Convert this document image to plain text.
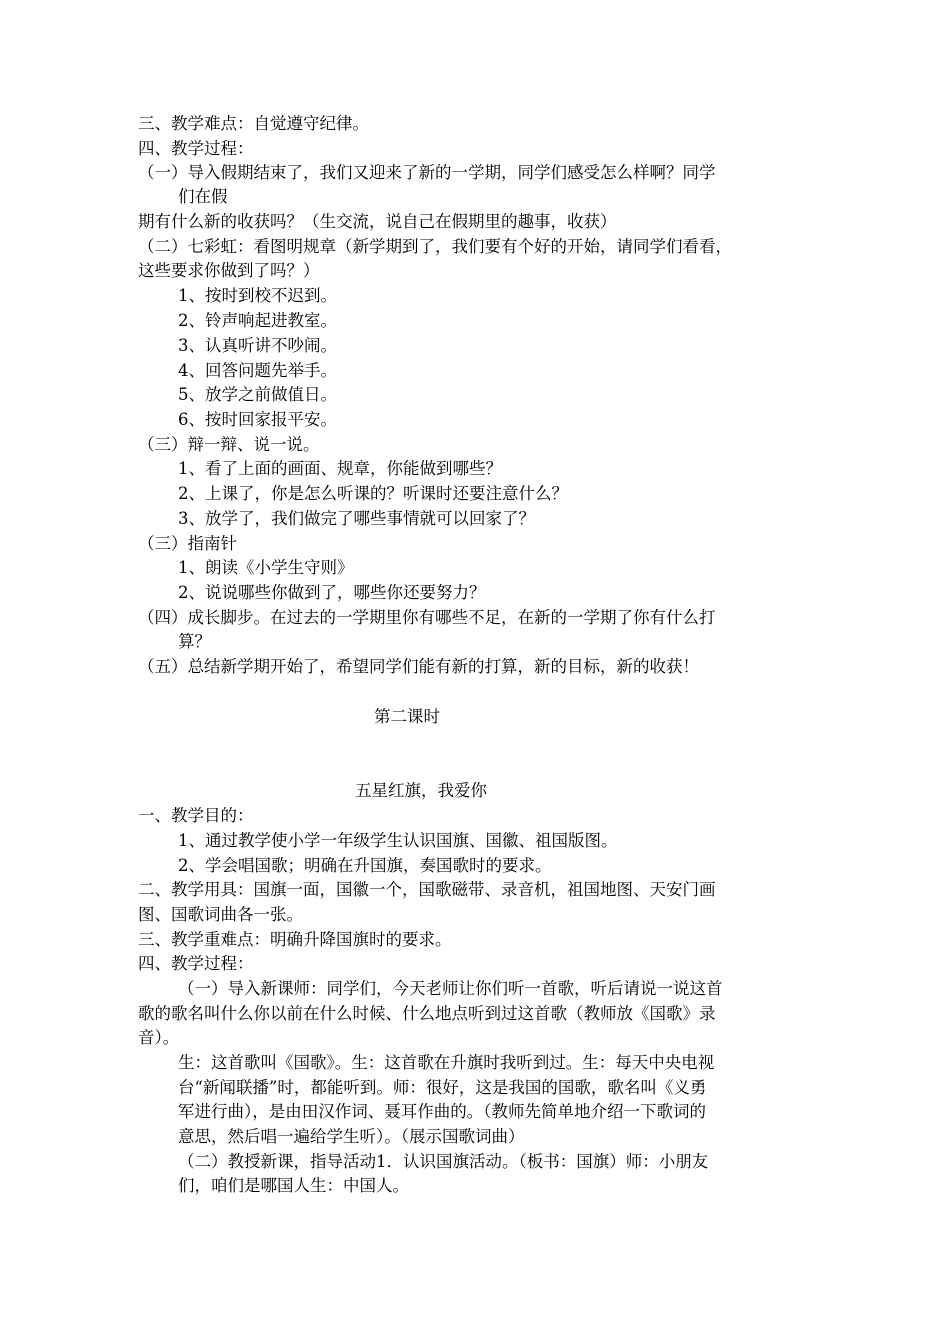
三、教学难点：自觉遵守纪律。
四、教学过程：
（一）导入假期结束了，我们又迎来了新的一学期，同学们感受怎么样啊？同学
们在假
期有什么新的收获吗？（生交流，说自己在假期里的趣事，收获）
（二）七彩虹：看图明规章（新学期到了，我们要有个好的开始，请同学们看看，
这些要求你做到了吗？）
1、按时到校不迟到。
2、铃声响起进教室。
3、认真听讲不吵闹。
4、回答问题先举手。
5、放学之前做值日。
6、按时回家报平安。
（三）辩一辩、说一说。
1、看了上面的画面、规章，你能做到哪些？
2、上课了，你是怎么听课的？听课时还要注意什么？
3、放学了，我们做完了哪些事情就可以回家了？
（三）指南针
1、朗读《小学生守则》
2、说说哪些你做到了，哪些你还要努力？
（四）成长脚步。在过去的一学期里你有哪些不足，在新的一学期了你有什么打
算？
（五）总结新学期开始了，希望同学们能有新的打算，新的目标，新的收获！
第二课时
五星红旗，我爱你
一、教学目的：
1、通过教学使小学一年级学生认识国旗、国徽、祖国版图。
2、学会唱国歌；明确在升国旗，奏国歌时的要求。
二、教学用具：国旗一面，国徽一个，国歌磁带、录音机，祖国地图、天安门画
图、国歌词曲各一张。
三、教学重难点：明确升降国旗时的要求。
四、教学过程：
（一）导入新课师：同学们，今天老师让你们听一首歌，听后请说一说这首
歌的歌名叫什么你以前在什么时候、什么地点听到过这首歌（教师放《国歌》录
音）。
生：这首歌叫《国歌》。生：这首歌在升旗时我听到过。生：每天中央电视
台“新闻联播”时，都能听到。师：很好，这是我国的国歌，歌名叫《义勇
军进行曲），是由田汉作词、聂耳作曲的。（教师先简单地介绍一下歌词的
意思，然后唱一遍给学生听）。（展示国歌词曲）
（二）教授新课，指导活动1．认识国旗活动。（板书：国旗）师：小朋友
们，咱们是哪国人生：中国人。
